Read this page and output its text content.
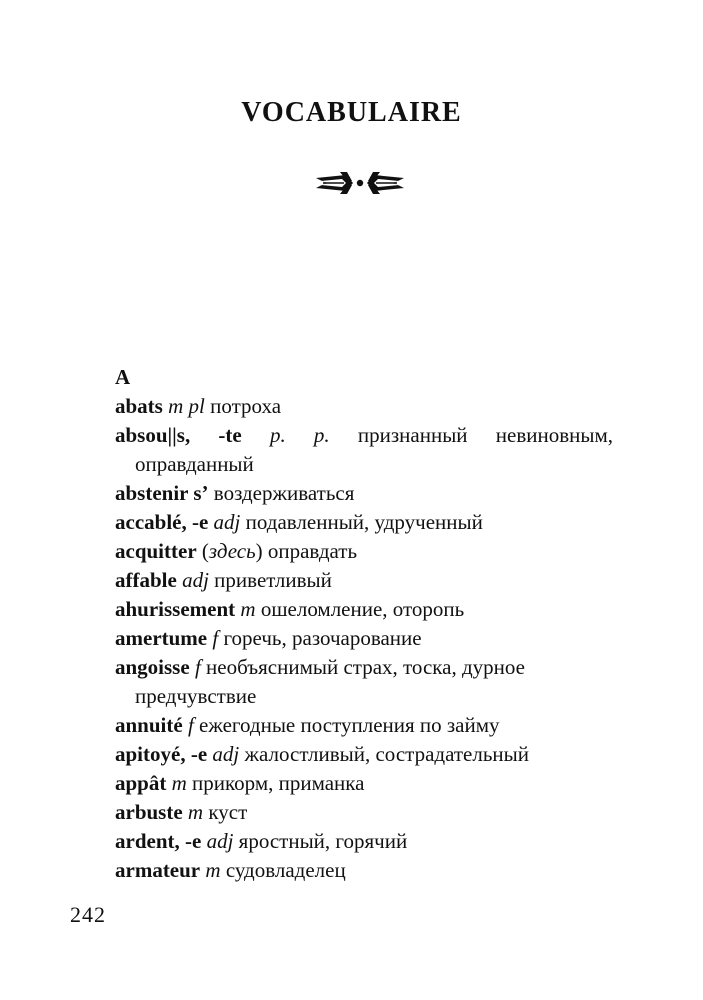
VOCABULAIRE

A

abats m pl потроха

absou||s, -te p. p. признанный невиновным, оправданный

abstenir s’ воздерживаться

accablé, -e adj подавленный, удрученный

acquitter (здесь) оправдать

affable adj приветливый

ahurissement m ошеломление, оторопь

amertume f горечь, разочарование

angoisse f необъяснимый страх, тоска, дурное предчувствие

annuité f ежегодные поступления по займу

apitoyé, -e adj жалостливый, сострадательный

appât m прикорм, приманка

arbuste m куст

ardent, -e adj яростный, горячий

armateur m судовладелец

242
